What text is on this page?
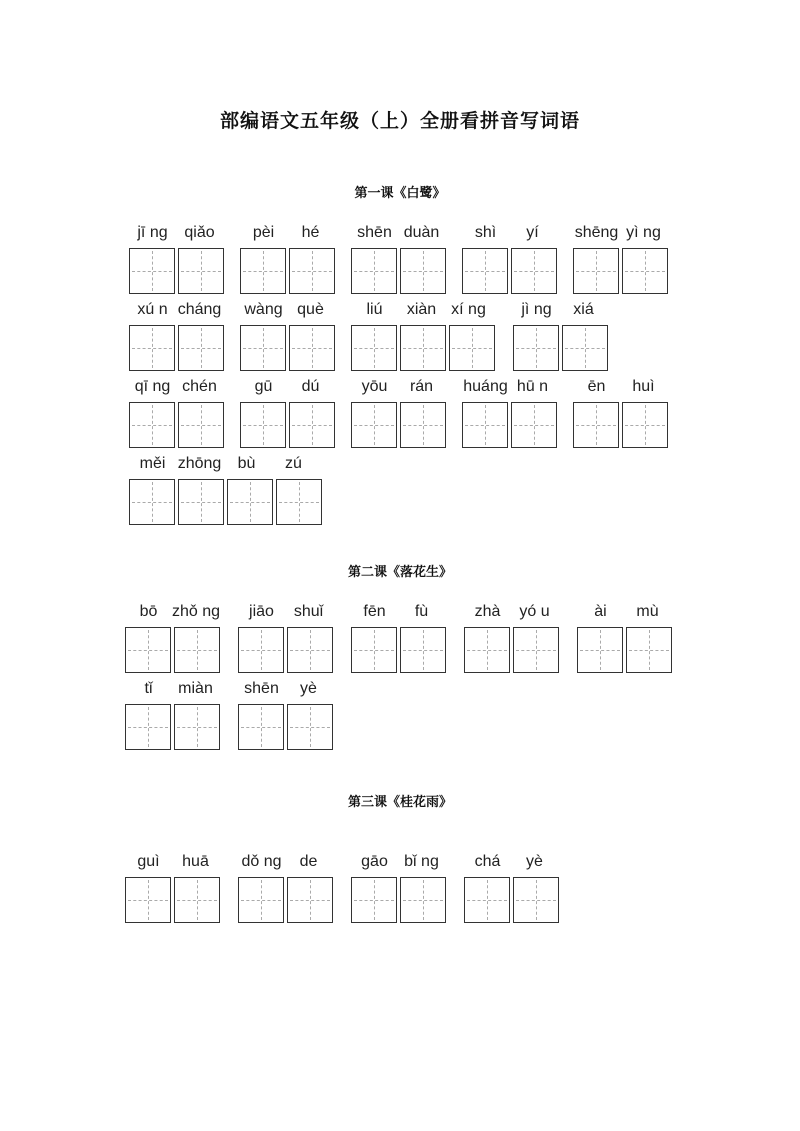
部编语文五年级（上）全册看拼音写词语
第一课《白鹭》
jī ng	qiǎo	pèi	hé	shēn duàn	shì	yí	shēng yì ng
xú n cháng wàng què	liú	xiàn xí ng	jì ng	xiá
qī ng chén	gū	dú	yōu	rán	huáng hū n	ēn	huì
měi zhōng	bù	zú
第二课《落花生》
bō zhǒ ng	jiāo	shuǐ	fēn	fù	zhà	yó u	ài	mù
tǐ	miàn	shēn	yè
第三课《桂花雨》
guì	huā	dǒ ng	de	gāo	bǐ ng	chá	yè
